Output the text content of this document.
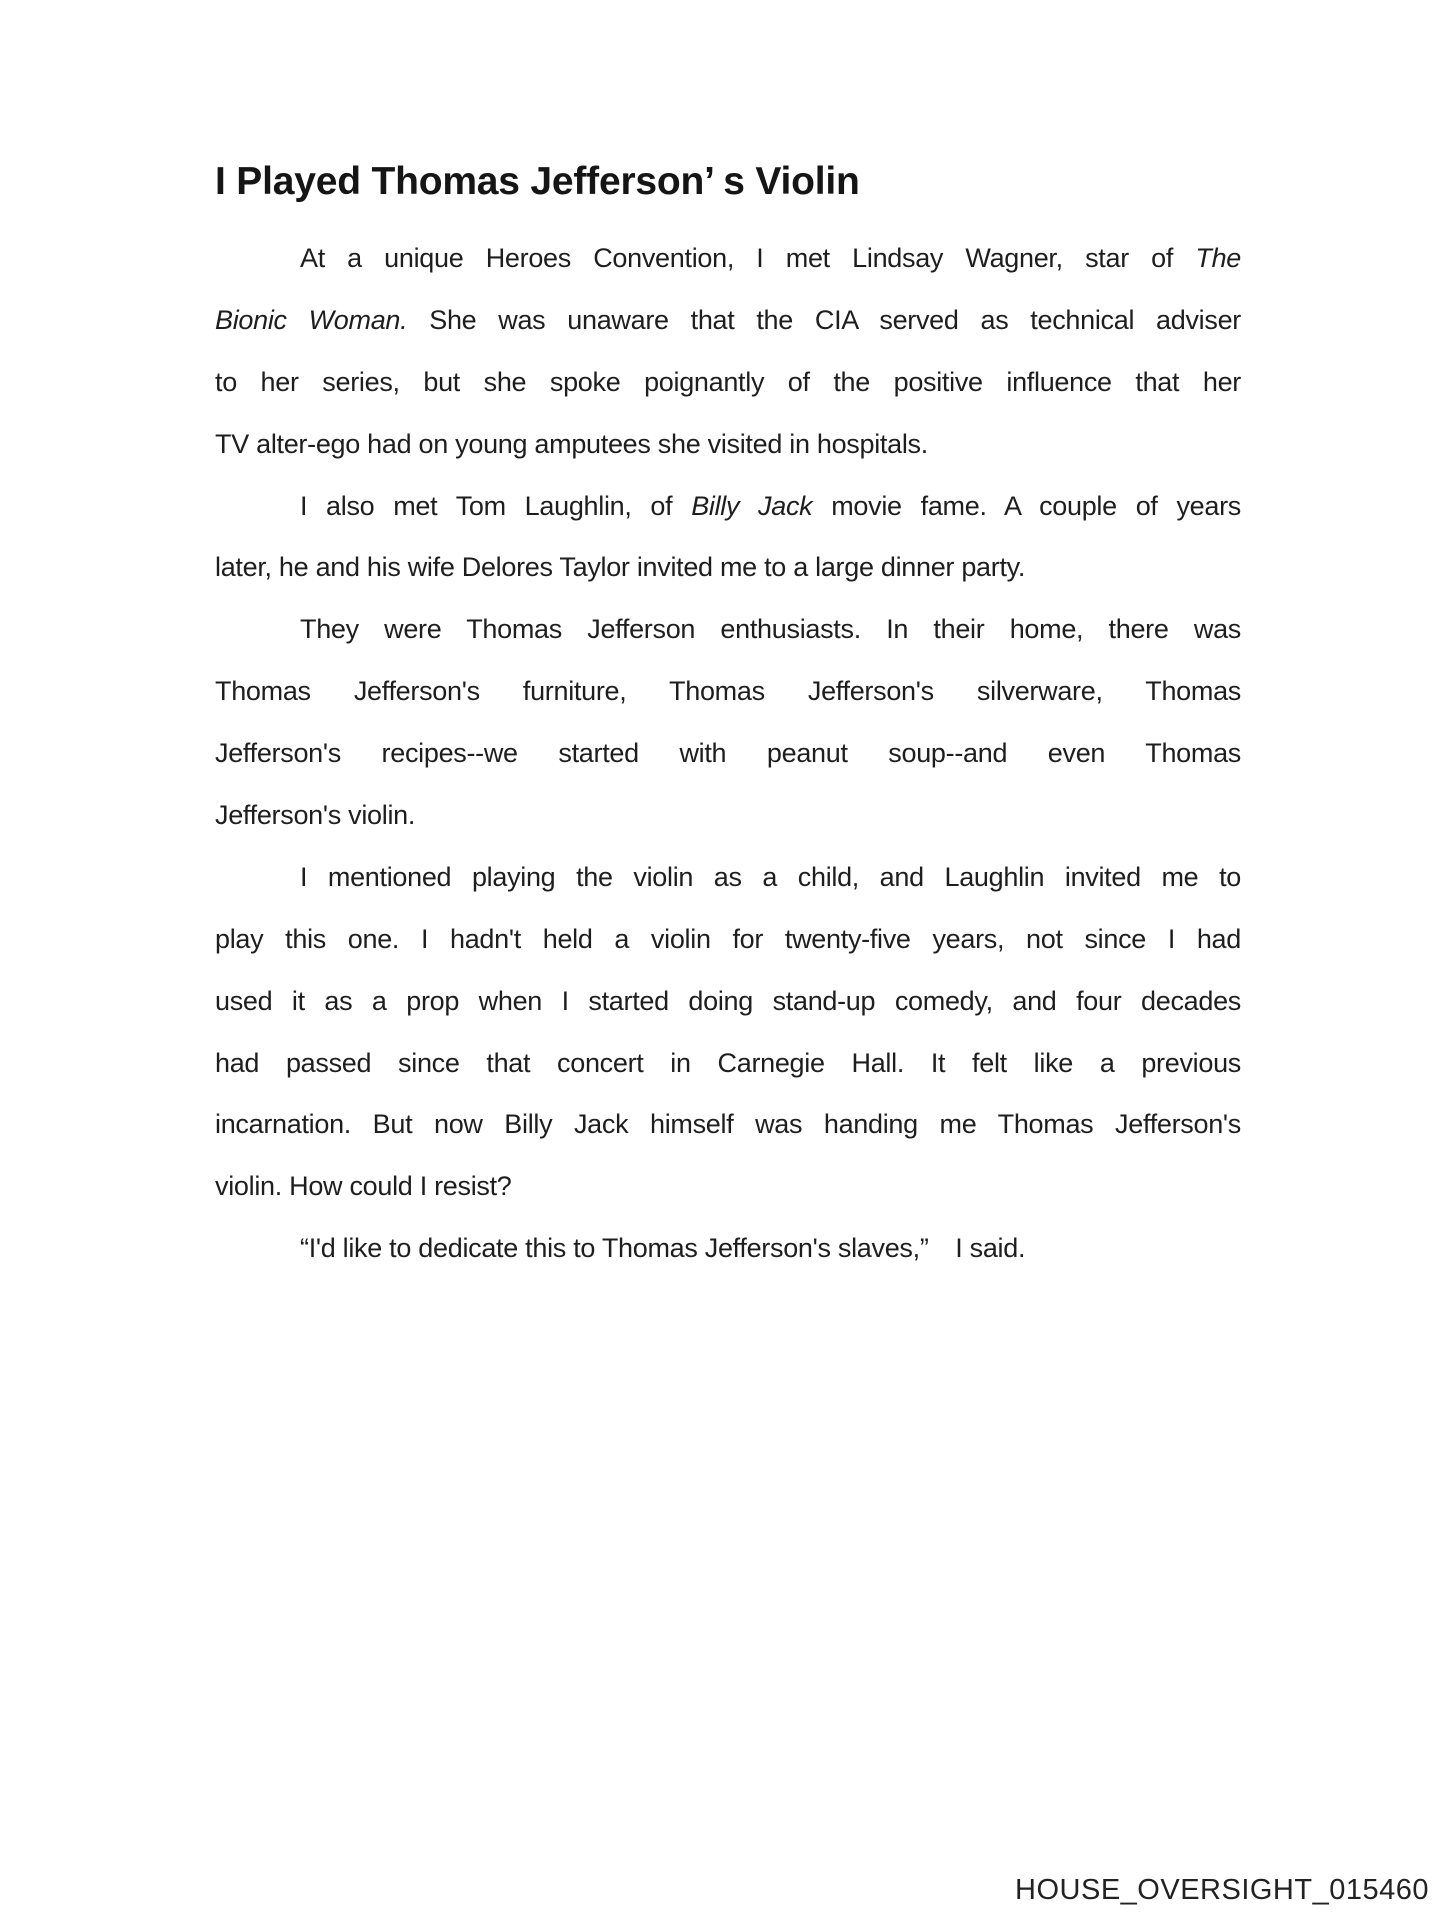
I Played Thomas Jefferson’ s Violin
At a unique Heroes Convention, I met Lindsay Wagner, star of The
Bionic Woman. She was unaware that the CIA served as technical adviser
to her series, but she spoke poignantly of the positive influence that her
TV alter-ego had on young amputees she visited in hospitals.
I also met Tom Laughlin, of Billy Jack movie fame. A couple of years
later, he and his wife Delores Taylor invited me to a large dinner party.
They were Thomas Jefferson enthusiasts. In their home, there was
Thomas Jefferson's furniture, Thomas Jefferson's silverware, Thomas
Jefferson's recipes--we started with peanut soup--and even Thomas
Jefferson's violin.
I mentioned playing the violin as a child, and Laughlin invited me to
play this one. I hadn't held a violin for twenty-five years, not since I had
used it as a prop when I started doing stand-up comedy, and four decades
had passed since that concert in Carnegie Hall. It felt like a previous
incarnation. But now Billy Jack himself was handing me Thomas Jefferson's
violin. How could I resist?
“I'd like to dedicate this to Thomas Jefferson's slaves,” I said.
HOUSE_OVERSIGHT_015460
